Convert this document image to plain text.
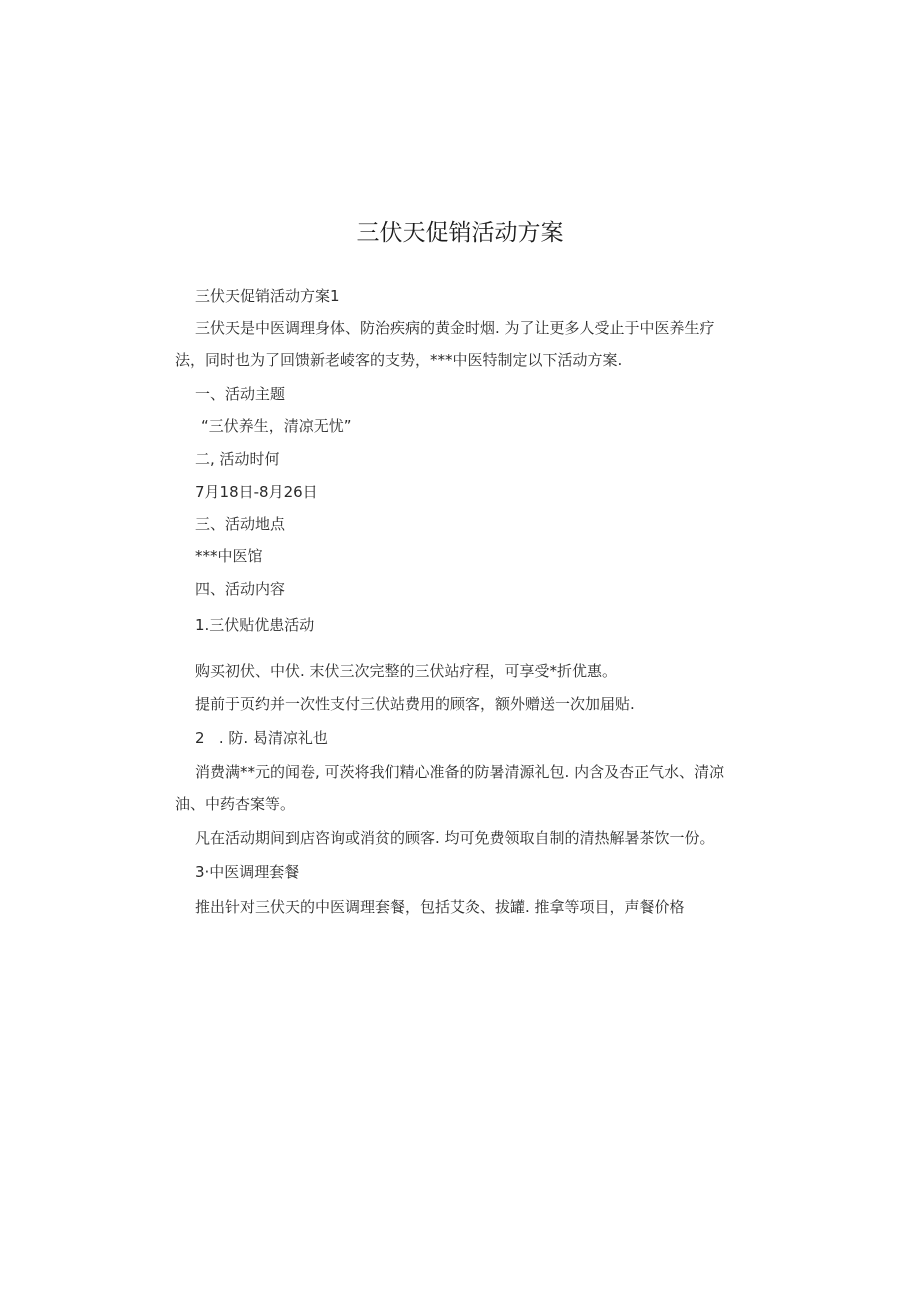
三伏天促销活动方案
三伏天促销活动方案1
三伏天是中医调理身体、防治疾病的黄金时烟. 为了让更多人受止于中医养生疗
法，同时也为了回馈新老崚客的支势，***中医特制定以下活动方案.
一、活动主题
“三伏养生，清凉无忧”
二, 活动时何
7月18日-8月26日
三、活动地点
***中医馆
四、活动内容
1.三伏贴优患活动
购买初伏、中伏. 末伏三次完整的三伏站疗程，可享受*折优惠。
提前于页约并一次性支付三伏站费用的顾客，额外赠送一次加届贴.
2   . 防. 曷清凉礼也
消费满**元的闻卷, 可茨将我们精心准备的防暑清源礼包. 内含及杏正气水、清凉
油、中药杏案等。
凡在活动期间到店咨询或消贫的顾客. 均可免费领取自制的清热解暑茶饮一份。
3·中医调理套餐
推出针对三伏天的中医调理套餐，包括艾灸、拔罐. 推拿等项目，声餐价格
